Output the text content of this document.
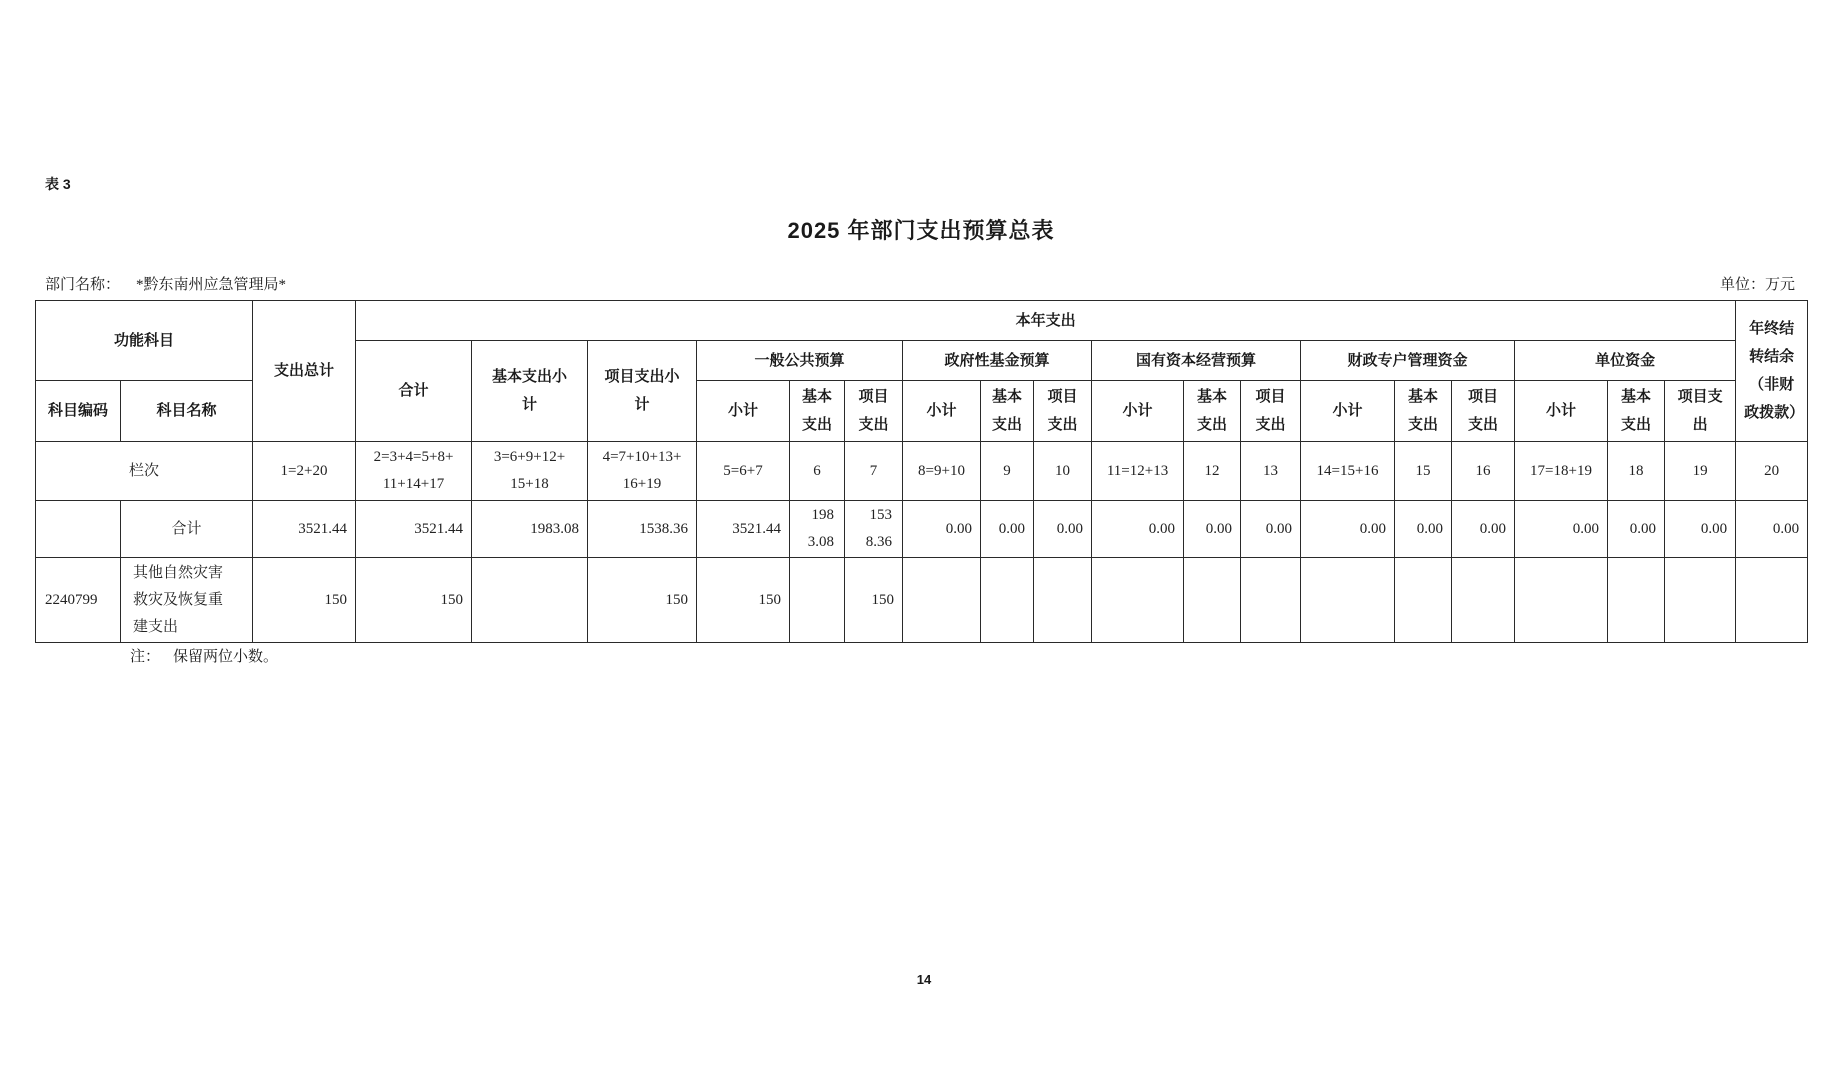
表 3
2025 年部门支出预算总表
部门名称： *黔东南州应急管理局*	单位：万元
功能科目		支出总计	本年支出																		年终结转结余（非财政拨款）
			合计	基本支出小计	项目支出小计	一般公共预算			政府性基金预算			国有资本经营预算			财政专户管理资金			单位资金			
科目编码	科目名称					小计	基本支出	项目支出	小计	基本支出	项目支出	小计	基本支出	项目支出	小计	基本支出	项目支出	小计	基本支出	项目支出	
栏次		1=2+20	2=3+4=5+8+11+14+17	3=6+9+12+15+18	4=7+10+13+16+19	5=6+7	6	7	8=9+10	9	10	11=12+13	12	13	14=15+16	15	16	17=18+19	18	19	20
	合计	3521.44	3521.44	1983.08	1538.36	3521.44	1983.08	1538.36	0.00	0.00	0.00	0.00	0.00	0.00	0.00	0.00	0.00	0.00	0.00	0.00	0.00
2240799	其他自然灾害救灾及恢复重建支出	150	150		150	150		150													
注： 保留两位小数。
14
